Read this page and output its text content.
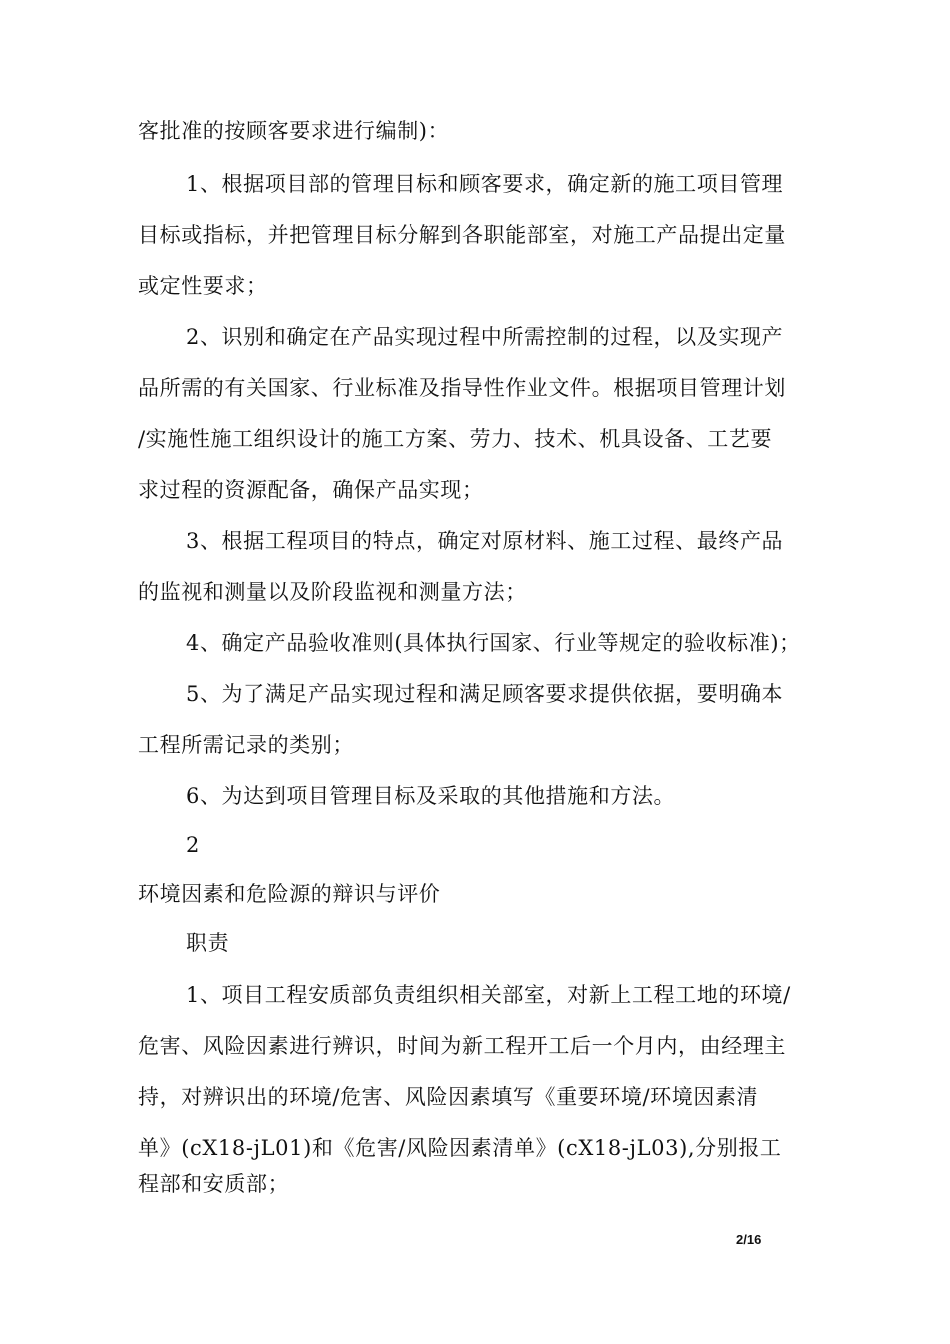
客批准的按顾客要求进行编制)：
1、根据项目部的管理目标和顾客要求，确定新的施工项目管理
目标或指标，并把管理目标分解到各职能部室，对施工产品提出定量
或定性要求；
2、识别和确定在产品实现过程中所需控制的过程，以及实现产
品所需的有关国家、行业标准及指导性作业文件。根据项目管理计划
/实施性施工组织设计的施工方案、劳力、技术、机具设备、工艺要
求过程的资源配备，确保产品实现；
3、根据工程项目的特点，确定对原材料、施工过程、最终产品
的监视和测量以及阶段监视和测量方法；
4、确定产品验收准则(具体执行国家、行业等规定的验收标准)；
5、为了满足产品实现过程和满足顾客要求提供依据，要明确本
工程所需记录的类别；
6、为达到项目管理目标及采取的其他措施和方法。
2
环境因素和危险源的辩识与评价
职责
1、项目工程安质部负责组织相关部室，对新上工程工地的环境/
危害、风险因素进行辨识，时间为新工程开工后一个月内，由经理主
持，对辨识出的环境/危害、风险因素填写《重要环境/环境因素清
单》(cX18-jL01)和《危害/风险因素清单》(cX18-jL03),分别报工
程部和安质部；
2/16
